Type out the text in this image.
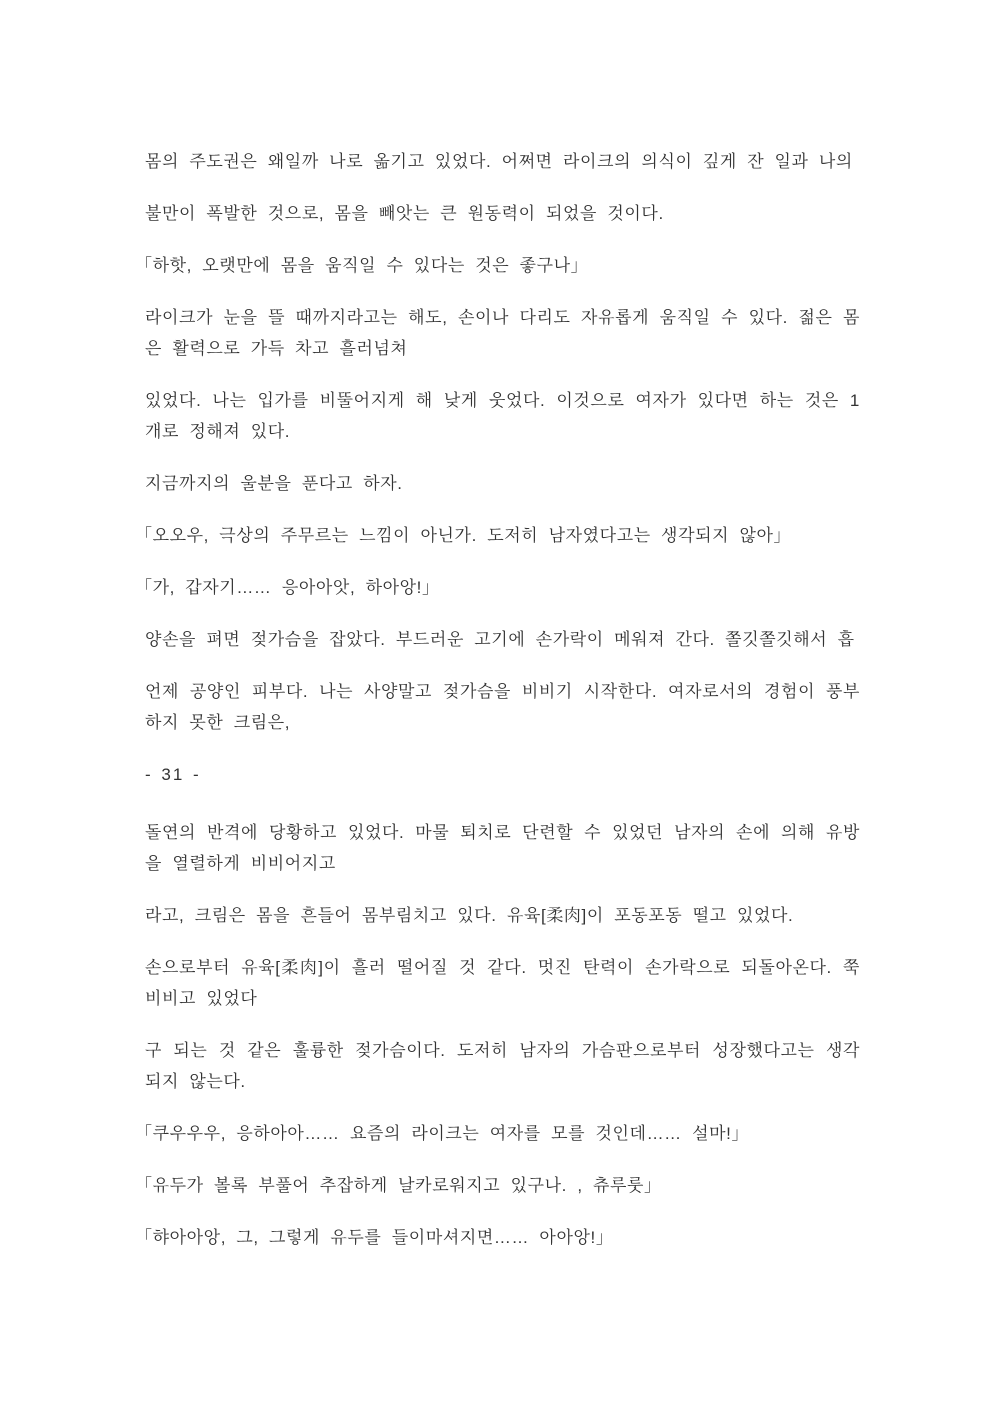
몸의 주도권은 왜일까 나로 옮기고 있었다. 어쩌면 라이크의 의식이 깊게 잔 일과 나의

불만이 폭발한 것으로, 몸을 빼앗는 큰 원동력이 되었을 것이다.

「하핫, 오랫만에 몸을 움직일 수 있다는 것은 좋구나」

라이크가 눈을 뜰 때까지라고는 해도, 손이나 다리도 자유롭게 움직일 수 있다. 젊은 몸은 활력으로 가득 차고 흘러넘쳐

있었다. 나는 입가를 비뚤어지게 해 낮게 웃었다. 이것으로 여자가 있다면 하는 것은 1개로 정해져 있다.

지금까지의 울분을 푼다고 하자.

「오오우, 극상의 주무르는 느낌이 아닌가. 도저히 남자였다고는 생각되지 않아」

「가, 갑자기…… 응아아앗, 하아앙!」

양손을 펴면 젖가슴을 잡았다. 부드러운 고기에 손가락이 메워져 간다. 쫄깃쫄깃해서 흡

언제 공양인 피부다. 나는 사양말고 젖가슴을 비비기 시작한다. 여자로서의 경험이 풍부하지 못한 크림은,

- 31 -

돌연의 반격에 당황하고 있었다. 마물 퇴치로 단련할 수 있었던 남자의 손에 의해 유방을 열렬하게 비비어지고

라고, 크림은 몸을 흔들어 몸부림치고 있다. 유육[柔肉]이 포동포동 떨고 있었다.

손으로부터 유육[柔肉]이 흘러 떨어질 것 같다. 멋진 탄력이 손가락으로 되돌아온다. 쭉 비비고 있었다

구 되는 것 같은 훌륭한 젖가슴이다. 도저히 남자의 가슴판으로부터 성장했다고는 생각되지 않는다.

「쿠우우우, 응하아아…… 요즘의 라이크는 여자를 모를 것인데…… 설마!」

「유두가 볼록 부풀어 추잡하게 날카로워지고 있구나. , 츄루룻」

「햐아아앙, 그, 그렇게 유두를 들이마셔지면…… 아아앙!」
